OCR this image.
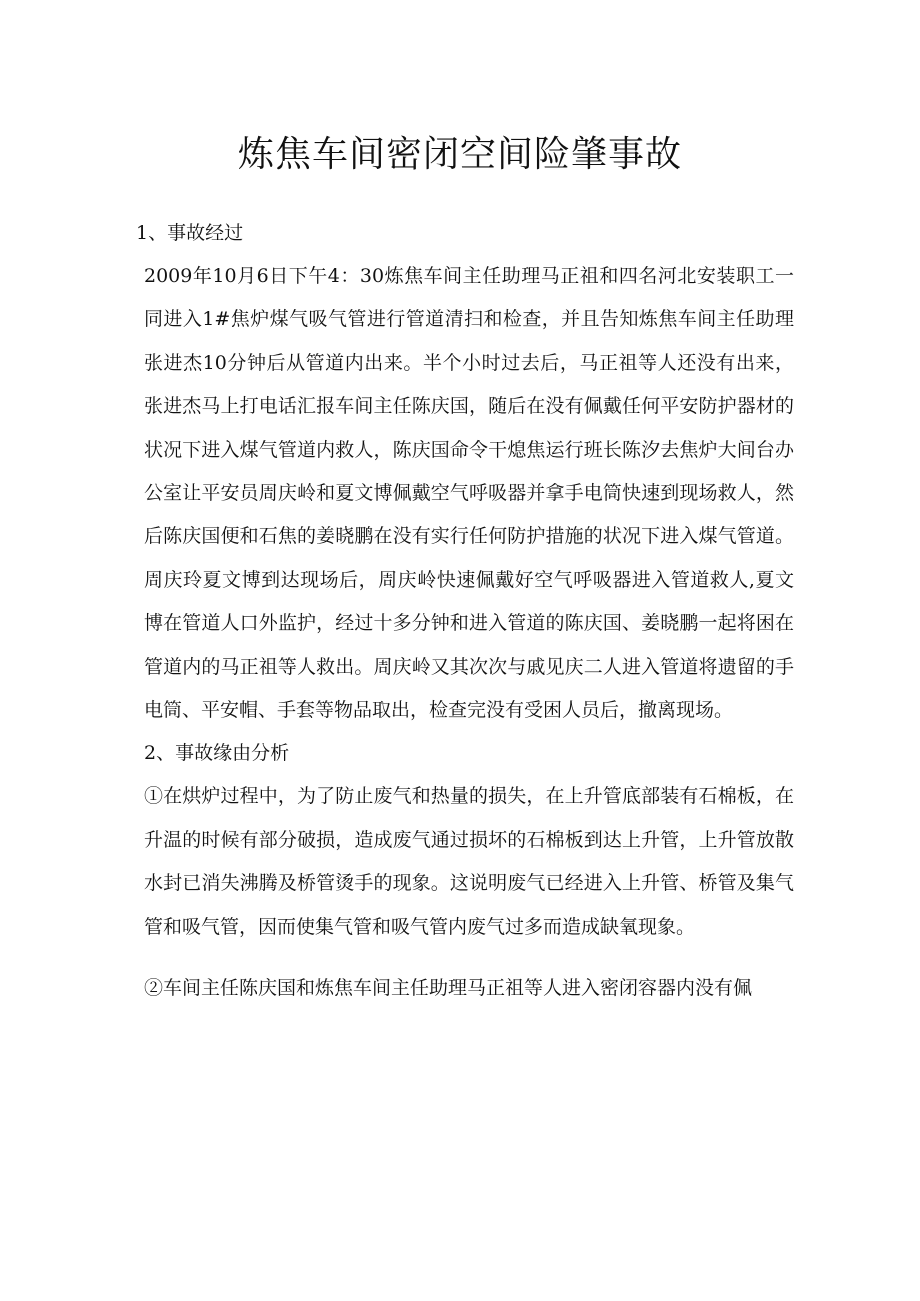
炼焦车间密闭空间险肇事故

1、事故经过

2009年10月6日下午4：30炼焦车间主任助理马正祖和四名河北安装职工一同进入1#焦炉煤气吸气管进行管道清扫和检查，并且告知炼焦车间主任助理张进杰10分钟后从管道内出来。半个小时过去后，马正祖等人还没有出来，张进杰马上打电话汇报车间主任陈庆国，随后在没有佩戴任何平安防护器材的状况下进入煤气管道内救人，陈庆国命令干熄焦运行班长陈汐去焦炉大间台办公室让平安员周庆岭和夏文博佩戴空气呼吸器并拿手电筒快速到现场救人，然后陈庆国便和石焦的姜晓鹏在没有实行任何防护措施的状况下进入煤气管道。周庆玲夏文博到达现场后，周庆岭快速佩戴好空气呼吸器进入管道救人,夏文博在管道人口外监护，经过十多分钟和进入管道的陈庆国、姜晓鹏一起将困在管道内的马正祖等人救出。周庆岭又其次次与戚见庆二人进入管道将遗留的手电筒、平安帽、手套等物品取出，检查完没有受困人员后，撤离现场。

2、事故缘由分析

①在烘炉过程中，为了防止废气和热量的损失，在上升管底部装有石棉板，在升温的时候有部分破损，造成废气通过损坏的石棉板到达上升管，上升管放散水封已消失沸腾及桥管烫手的现象。这说明废气已经进入上升管、桥管及集气管和吸气管，因而使集气管和吸气管内废气过多而造成缺氧现象。

②车间主任陈庆国和炼焦车间主任助理马正祖等人进入密闭容器内没有佩
